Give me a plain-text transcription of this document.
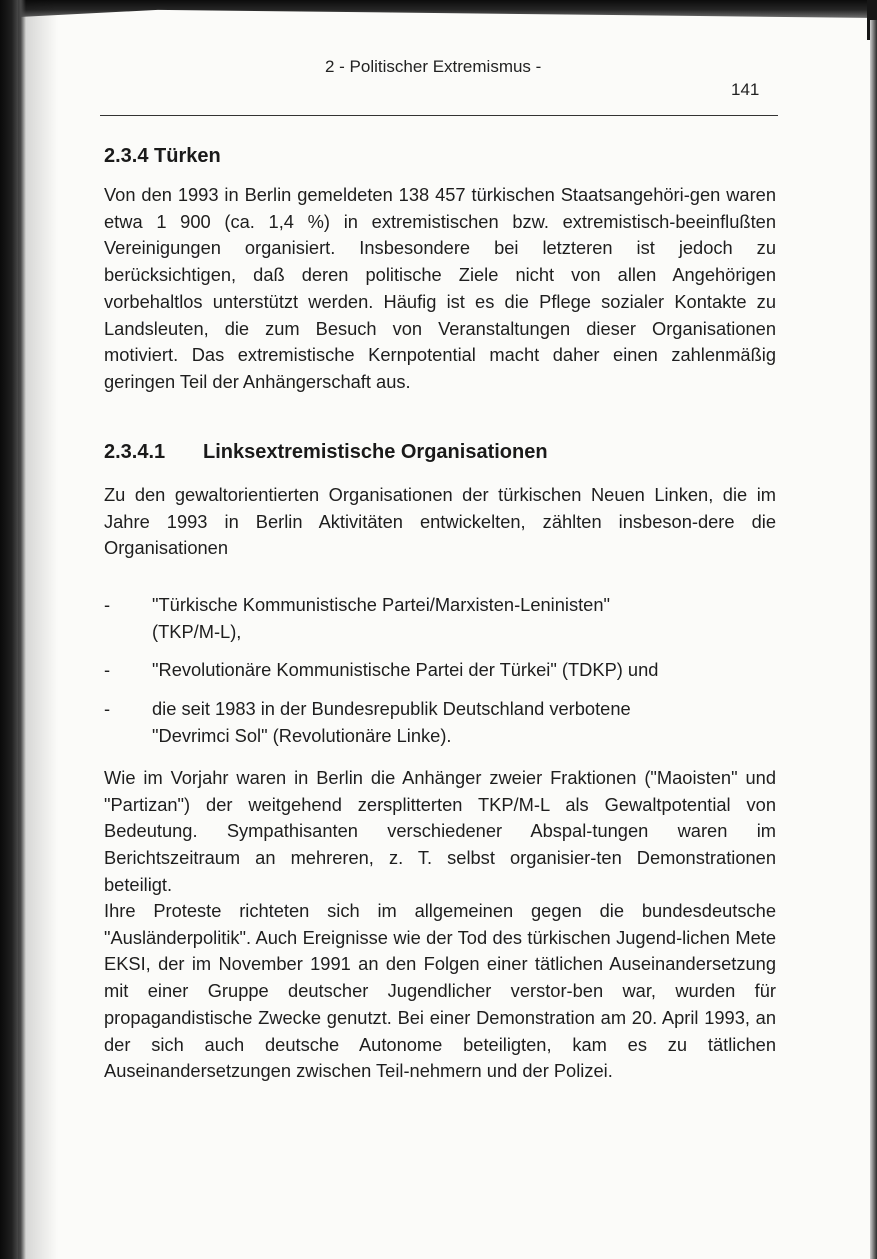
2 - Politischer Extremismus -
141
2.3.4 Türken

Von den 1993 in Berlin gemeldeten 138 457 türkischen Staatsangehöri-gen waren etwa 1 900 (ca. 1,4 %) in extremistischen bzw. extremistisch-beeinflußten Vereinigungen organisiert. Insbesondere bei letzteren ist jedoch zu berücksichtigen, daß deren politische Ziele nicht von allen Angehörigen vorbehaltlos unterstützt werden. Häufig ist es die Pflege sozialer Kontakte zu Landsleuten, die zum Besuch von Veranstaltungen dieser Organisationen motiviert. Das extremistische Kernpotential macht daher einen zahlenmäßig geringen Teil der Anhängerschaft aus.

2.3.4.1 Linksextremistische Organisationen

Zu den gewaltorientierten Organisationen der türkischen Neuen Linken, die im Jahre 1993 in Berlin Aktivitäten entwickelten, zählten insbeson-dere die Organisationen

- "Türkische Kommunistische Partei/Marxisten-Leninisten"
(TKP/M-L),
- "Revolutionäre Kommunistische Partei der Türkei" (TDKP) und
- die seit 1983 in der Bundesrepublik Deutschland verbotene
"Devrimci Sol" (Revolutionäre Linke).

Wie im Vorjahr waren in Berlin die Anhänger zweier Fraktionen ("Maoisten" und "Partizan") der weitgehend zersplitterten TKP/M-L als Gewaltpotential von Bedeutung. Sympathisanten verschiedener Abspal-tungen waren im Berichtszeitraum an mehreren, z. T. selbst organisier-ten Demonstrationen beteiligt.

Ihre Proteste richteten sich im allgemeinen gegen die bundesdeutsche "Ausländerpolitik". Auch Ereignisse wie der Tod des türkischen Jugend-lichen Mete EKSI, der im November 1991 an den Folgen einer tätlichen Auseinandersetzung mit einer Gruppe deutscher Jugendlicher verstor-ben war, wurden für propagandistische Zwecke genutzt. Bei einer Demonstration am 20. April 1993, an der sich auch deutsche Autonome beteiligten, kam es zu tätlichen Auseinandersetzungen zwischen Teil-nehmern und der Polizei.
